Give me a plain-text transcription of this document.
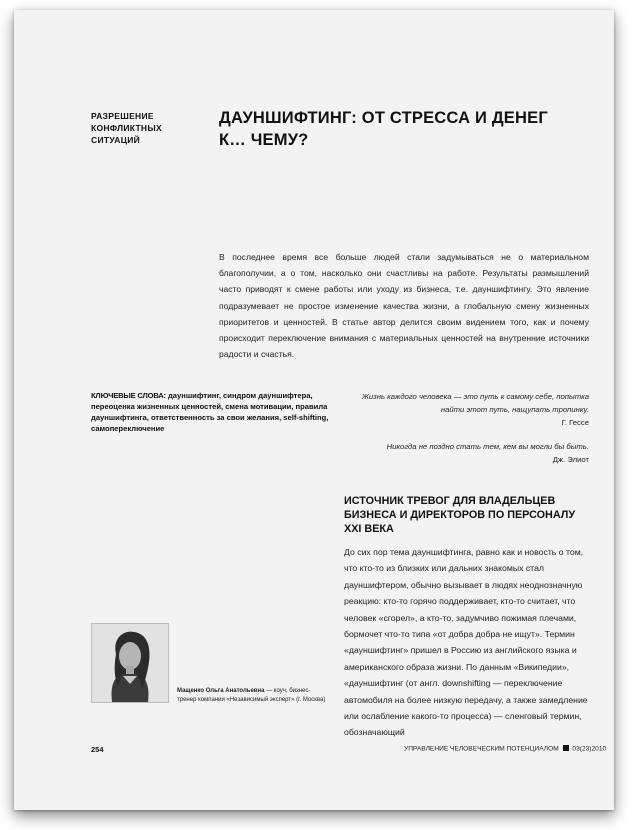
РАЗРЕШЕНИЕ
КОНФЛИКТНЫХ
СИТУАЦИЙ
ДАУНШИФТИНГ: ОТ СТРЕССА И ДЕНЕГ К… ЧЕМУ?
В последнее время все больше людей стали задумываться не о материальном благополучии, а о том, насколько они счастливы на работе. Результаты размышлений часто приводят к смене работы или уходу из бизнеса, т.е. дауншифтингу. Это явление подразумевает не простое изменение качества жизни, а глобальную смену жизненных приоритетов и ценностей. В статье автор делится своим видением того, как и почему происходит переключение внимания с материальных ценностей на внутренние источники радости и счастья.
КЛЮЧЕВЫЕ СЛОВА: дауншифтинг, синдром дауншифтера, переоценка жизненных ценностей, смена мотивации, правила дауншифтинга, ответственность за свои желания, self-shifting, самопереключение
Жизнь каждого человека — это путь к самому себе, попытка найти этот путь, нащупать тропинку.
Г. Гессе
Никогда не поздно стать тем, кем вы могли бы быть.
Дж. Элиот
ИСТОЧНИК ТРЕВОГ ДЛЯ ВЛАДЕЛЬЦЕВ БИЗНЕСА И ДИРЕКТОРОВ ПО ПЕРСОНАЛУ XXI ВЕКА
До сих пор тема дауншифтинга, равно как и новость о том, что кто-то из близких или дальних знакомых стал дауншифтером, обычно вызывает в людях неоднозначную реакцию: кто-то горячо поддерживает, кто-то считает, что человек «сгорел», а кто-то, задумчиво пожимая плечами, бормочет что-то типа «от добра добра не ищут». Термин «дауншифтинг» пришел в Россию из английского языка и американского образа жизни. По данным «Википедии», «дауншифтинг (от англ. downshifting — переключение автомобиля на более низкую передачу, а также замедление или ослабление какого-то процесса) — сленговый термин, обозначающий
Мащенко Ольга Анатольевна — коуч, бизнес-тренер компании «Независимый эксперт» (г. Москва)
254	УПРАВЛЕНИЕ ЧЕЛОВЕЧЕСКИМ ПОТЕНЦИАЛОМ 03(23)2010
